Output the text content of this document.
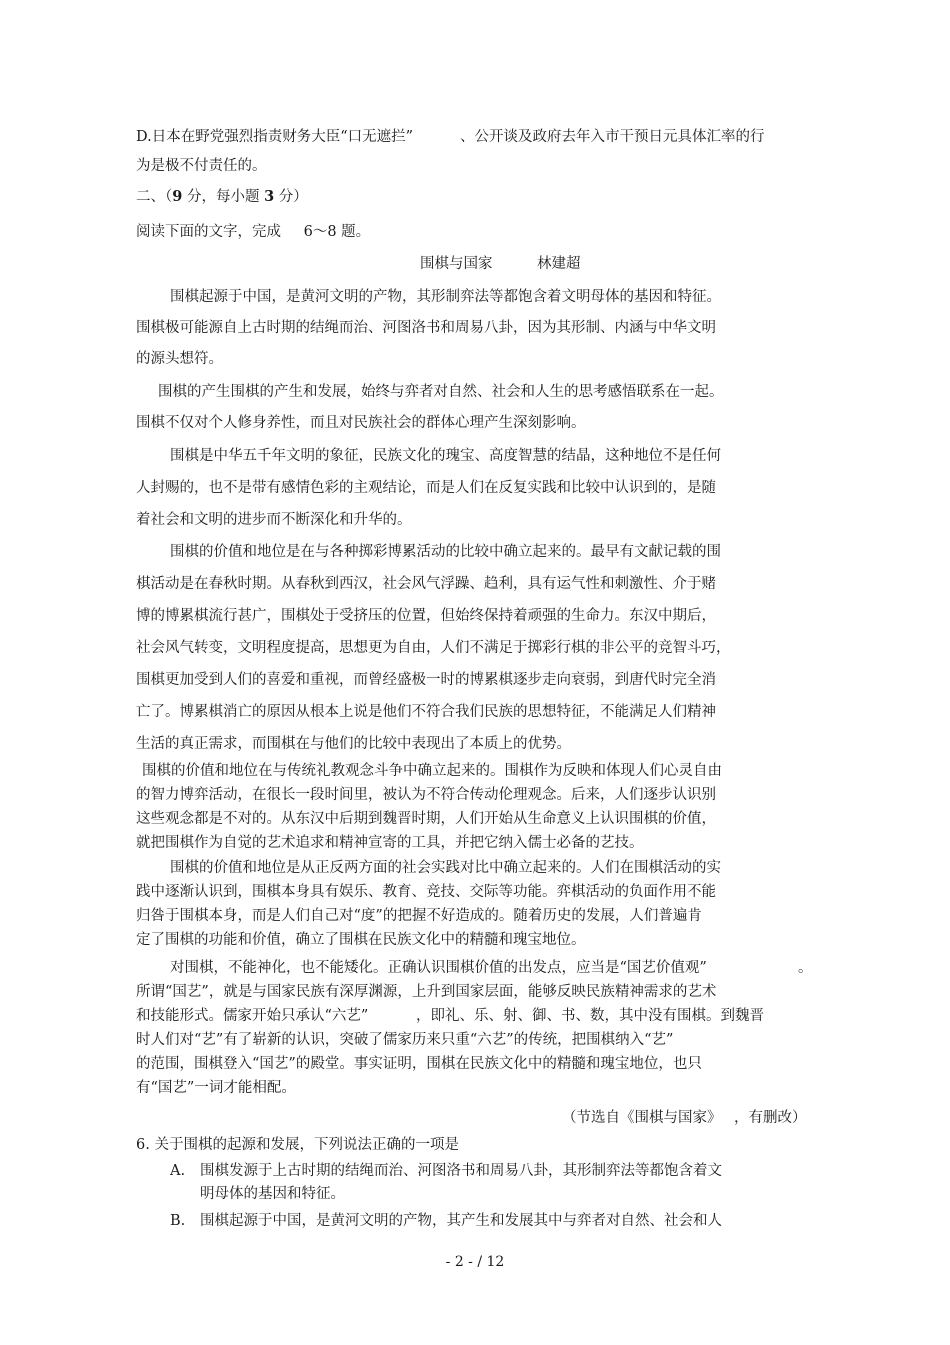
D.日本在野党强烈指责财务大臣“口无遮拦”	、公开谈及政府去年入市干预日元具体汇率的行
为是极不付责任的。
二、（9 分，每小题 3 分）
阅读下面的文字，完成 6～8 题。
围棋与国家	林建超
围棋起源于中国，是黄河文明的产物，其形制弈法等都饱含着文明母体的基因和特征。
围棋极可能源自上古时期的结绳而治、河图洛书和周易八卦，因为其形制、内涵与中华文明
的源头想符。
围棋的产生围棋的产生和发展，始终与弈者对自然、社会和人生的思考感悟联系在一起。
围棋不仅对个人修身养性，而且对民族社会的群体心理产生深刻影响。
围棋是中华五千年文明的象征，民族文化的瑰宝、高度智慧的结晶，这种地位不是任何
人封赐的，也不是带有感情色彩的主观结论，而是人们在反复实践和比较中认识到的，是随
着社会和文明的进步而不断深化和升华的。
围棋的价值和地位是在与各种掷彩博累活动的比较中确立起来的。最早有文献记载的围
棋活动是在春秋时期。从春秋到西汉，社会风气浮躁、趋利，具有运气性和刺激性、介于赌
博的博累棋流行甚广，围棋处于受挤压的位置，但始终保持着顽强的生命力。东汉中期后，
社会风气转变，文明程度提高，思想更为自由，人们不满足于掷彩行棋的非公平的竞智斗巧，
围棋更加受到人们的喜爱和重视，而曾经盛极一时的博累棋逐步走向衰弱，到唐代时完全消
亡了。博累棋消亡的原因从根本上说是他们不符合我们民族的思想特征，不能满足人们精神
生活的真正需求，而围棋在与他们的比较中表现出了本质上的优势。
围棋的价值和地位在与传统礼教观念斗争中确立起来的。围棋作为反映和体现人们心灵自由
的智力博弈活动，在很长一段时间里，被认为不符合传动伦理观念。后来，人们逐步认识别
这些观念都是不对的。从东汉中后期到魏晋时期，人们开始从生命意义上认识围棋的价值，
就把围棋作为自觉的艺术追求和精神宣寄的工具，并把它纳入儒士必备的艺技。
围棋的价值和地位是从正反两方面的社会实践对比中确立起来的。人们在围棋活动的实
践中逐渐认识到，围棋本身具有娱乐、教育、竞技、交际等功能。弈棋活动的负面作用不能
归咎于围棋本身，而是人们自己对“度”的把握不好造成的。随着历史的发展，人们普遍肯
定了围棋的功能和价值，确立了围棋在民族文化中的精髓和瑰宝地位。
对围棋，不能神化，也不能矮化。正确认识围棋价值的出发点，应当是“国艺价值观”	。
所谓“国艺”，就是与国家民族有深厚渊源，上升到国家层面，能够反映民族精神需求的艺术
和技能形式。儒家开始只承认“六艺”	，即礼、乐、射、御、书、数，其中没有围棋。到魏晋
时人们对“艺”有了崭新的认识，突破了儒家历来只重“六艺”的传统，把围棋纳入“艺”
的范围，围棋登入“国艺”的殿堂。事实证明，围棋在民族文化中的精髓和瑰宝地位，也只
有“国艺”一词才能相配。
（节选自《围棋与国家》 ，有删改）
6. 关于围棋的起源和发展，下列说法正确的一项是
A. 围棋发源于上古时期的结绳而治、河图洛书和周易八卦，其形制弈法等都饱含着文
明母体的基因和特征。
B. 围棋起源于中国，是黄河文明的产物，其产生和发展其中与弈者对自然、社会和人
- 2 - / 12
